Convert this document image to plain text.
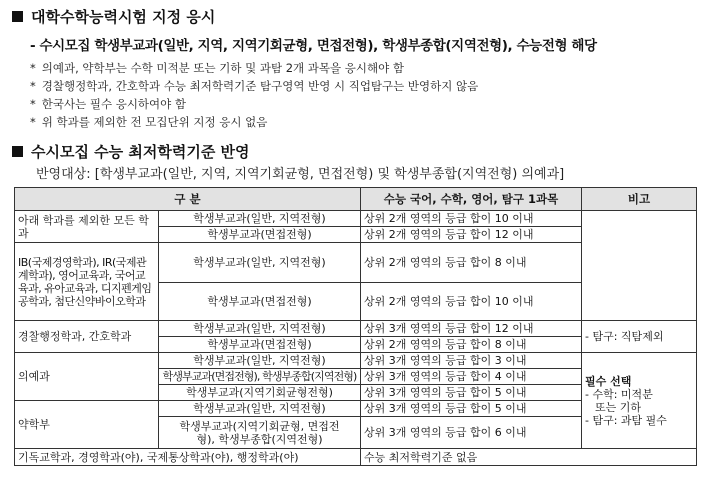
대학수학능력시험 지정 응시
- 수시모집 학생부교과(일반, 지역, 지역기회균형, 면접전형), 학생부종합(지역전형), 수능전형 해당
* 의예과, 약학부는 수학 미적분 또는 기하 및 과탐 2개 과목을 응시해야 함
* 경찰행정학과, 간호학과 수능 최저학력기준 탐구영역 반영 시 직업탐구는 반영하지 않음
* 한국사는 필수 응시하여야 함
* 위 학과를 제외한 전 모집단위 지정 응시 없음
수시모집 수능 최저학력기준 반영
반영대상: [학생부교과(일반, 지역, 지역기회균형, 면접전형) 및 학생부종합(지역전형) 의예과]
구 분		수능 국어, 수학, 영어, 탐구 1과목	비고
아래 학과를 제외한 모든 학과	학생부교과(일반, 지역전형)	상위 2개 영역의 등급 합이 10 이내	
	학생부교과(면접전형)	상위 2개 영역의 등급 합이 12 이내	
IB(국제경영학과), IR(국제관계학과), 영어교육과, 국어교육과, 유아교육과, 디지펜게임공학과, 첨단신약바이오학과	학생부교과(일반, 지역전형)	상위 2개 영역의 등급 합이 8 이내	
	학생부교과(면접전형)	상위 2개 영역의 등급 합이 10 이내	
경찰행정학과, 간호학과	학생부교과(일반, 지역전형)	상위 3개 영역의 등급 합이 12 이내	- 탐구: 직탐제외
	학생부교과(면접전형)	상위 2개 영역의 등급 합이 8 이내	
의예과	학생부교과(일반, 지역전형)	상위 3개 영역의 등급 합이 3 이내	필수 선택
- 수학: 미적분
또는 기하
- 탐구: 과탐 필수

	학생부교과(면접전형), 학생부종합(지역전형)	상위 3개 영역의 등급 합이 4 이내	
	학생부교과(지역기회균형전형)	상위 3개 영역의 등급 합이 5 이내	
약학부	학생부교과(일반, 지역전형)	상위 3개 영역의 등급 합이 5 이내	
	학생부교과(지역기회균형, 면접전형), 학생부종합(지역전형)	상위 3개 영역의 등급 합이 6 이내	
기독교학과, 경영학과(야), 국제통상학과(야), 행정학과(야)		수능 최저학력기준 없음	
